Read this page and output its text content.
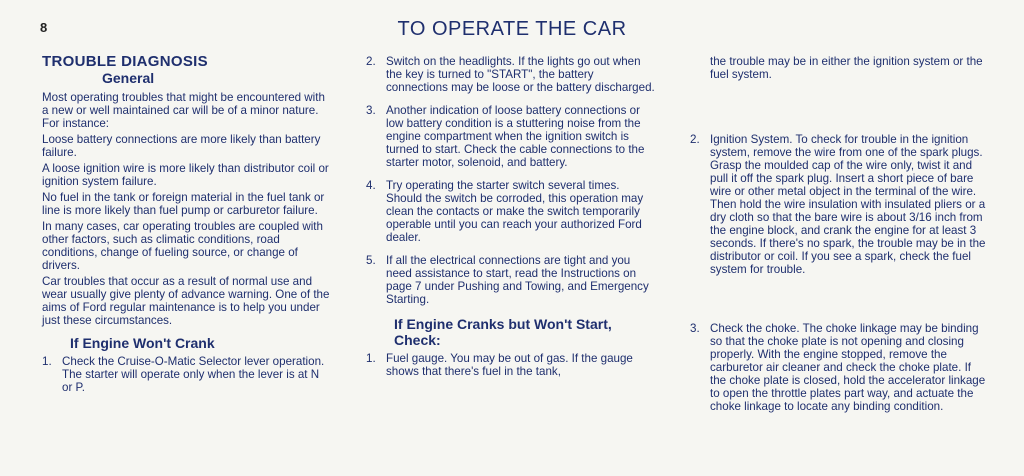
8	TO OPERATE THE CAR
TROUBLE DIAGNOSIS
General

Most operating troubles that might be encountered with a new or well maintained car will be of a minor nature. For instance:

Loose battery connections are more likely than battery failure.

A loose ignition wire is more likely than distributor coil or ignition system failure.

No fuel in the tank or foreign material in the fuel tank or line is more likely than fuel pump or carburetor failure.

In many cases, car operating troubles are coupled with other factors, such as climatic conditions, road conditions, change of fueling source, or change of drivers.

Car troubles that occur as a result of normal use and wear usually give plenty of advance warning. One of the aims of Ford regular maintenance is to help you under just these circumstances.

If Engine Won't Crank
1. Check the Cruise-O-Matic Selector lever operation. The starter will operate only when the lever is at N or P.
2. Switch on the headlights. If the lights go out when the key is turned to "START", the battery connections may be loose or the battery discharged.
3. Another indication of loose battery connections or low battery condition is a stuttering noise from the engine compartment when the ignition switch is turned to start. Check the cable connections to the starter motor, solenoid, and battery.
4. Try operating the starter switch several times. Should the switch be corroded, this operation may clean the contacts or make the switch temporarily operable until you can reach your authorized Ford dealer.
5. If all the electrical connections are tight and you need assistance to start, read the Instructions on page 7 under Pushing and Towing, and Emergency Starting.
If Engine Cranks but Won't Start, Check:
1. Fuel gauge. You may be out of gas. If the gauge shows that there's fuel in the tank,
the trouble may be in either the ignition system or the fuel system.
2. Ignition System. To check for trouble in the ignition system, remove the wire from one of the spark plugs. Grasp the moulded cap of the wire only, twist it and pull it off the spark plug. Insert a short piece of bare wire or other metal object in the terminal of the wire. Then hold the wire insulation with insulated pliers or a dry cloth so that the bare wire is about 3/16 inch from the engine block, and crank the engine for at least 3 seconds. If there's no spark, the trouble may be in the distributor or coil. If you see a spark, check the fuel system for trouble.
3. Check the choke. The choke linkage may be binding so that the choke plate is not opening and closing properly. With the engine stopped, remove the carburetor air cleaner and check the choke plate. If the choke plate is closed, hold the accelerator linkage to open the throttle plates part way, and actuate the choke linkage to locate any binding condition.
